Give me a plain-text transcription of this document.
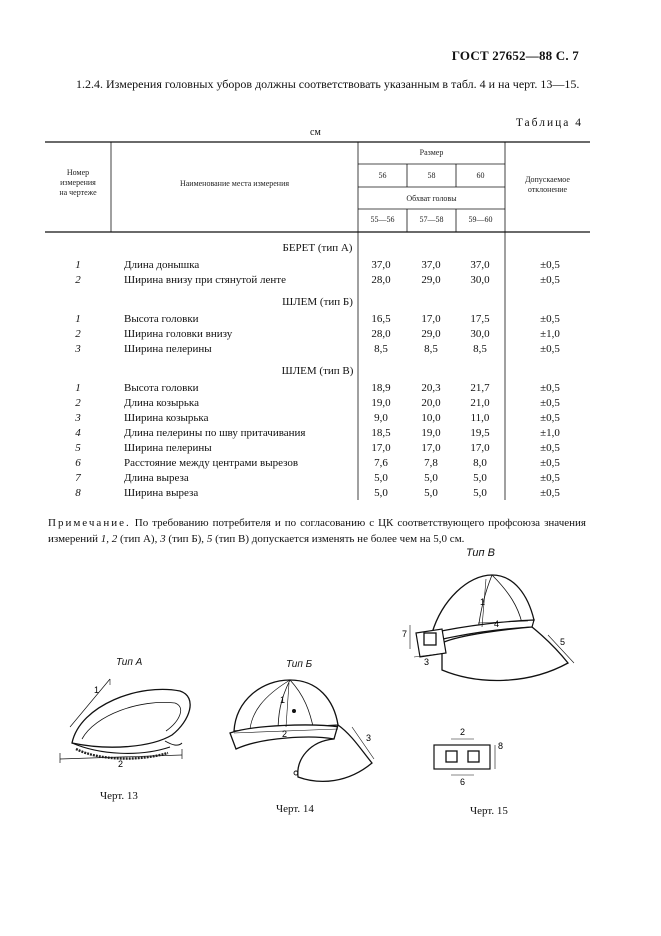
ГОСТ 27652—88 С. 7
1.2.4. Измерения головных уборов должны соответствовать указанным в табл. 4 и на черт. 13—15.
Таблица 4
см
Номер
измерения
на чертеже
Наименование места измерения
Размер
56	58	60
Обхват головы
55—56	57—58	59—60
Допускаемое
отклонение
БЕРЕТ (тип А)
1	Длина донышка	37,0	37,0	37,0	±0,5
2	Ширина внизу при стянутой ленте	28,0	29,0	30,0	±0,5
ШЛЕМ (тип Б)
1	Высота головки	16,5	17,0	17,5	±0,5
2	Ширина головки внизу	28,0	29,0	30,0	±1,0
3	Ширина пелерины	8,5	8,5	8,5	±0,5
ШЛЕМ (тип В)
1	Высота головки	18,9	20,3	21,7	±0,5
2	Длина козырька	19,0	20,0	21,0	±0,5
3	Ширина козырька	9,0	10,0	11,0	±0,5
4	Длина пелерины по шву притачивания	18,5	19,0	19,5	±1,0
5	Ширина пелерины	17,0	17,0	17,0	±0,5
6	Расстояние между центрами вырезов	7,6	7,8	8,0	±0,5
7	Длина выреза	5,0	5,0	5,0	±0,5
8	Ширина выреза	5,0	5,0	5,0	±0,5
Примечание. По требованию потребителя и по согласованию с ЦК соответствующего профсоюза значения измерений 1, 2 (тип А), 3 (тип Б), 5 (тип В) допускается изменять не более чем на 5,0 см.
Тип А
1
2
Черт. 13
Тип Б
1
2	3
Черт. 14
Тип В
1
4
5
7
3
2
6
8
Черт. 15
